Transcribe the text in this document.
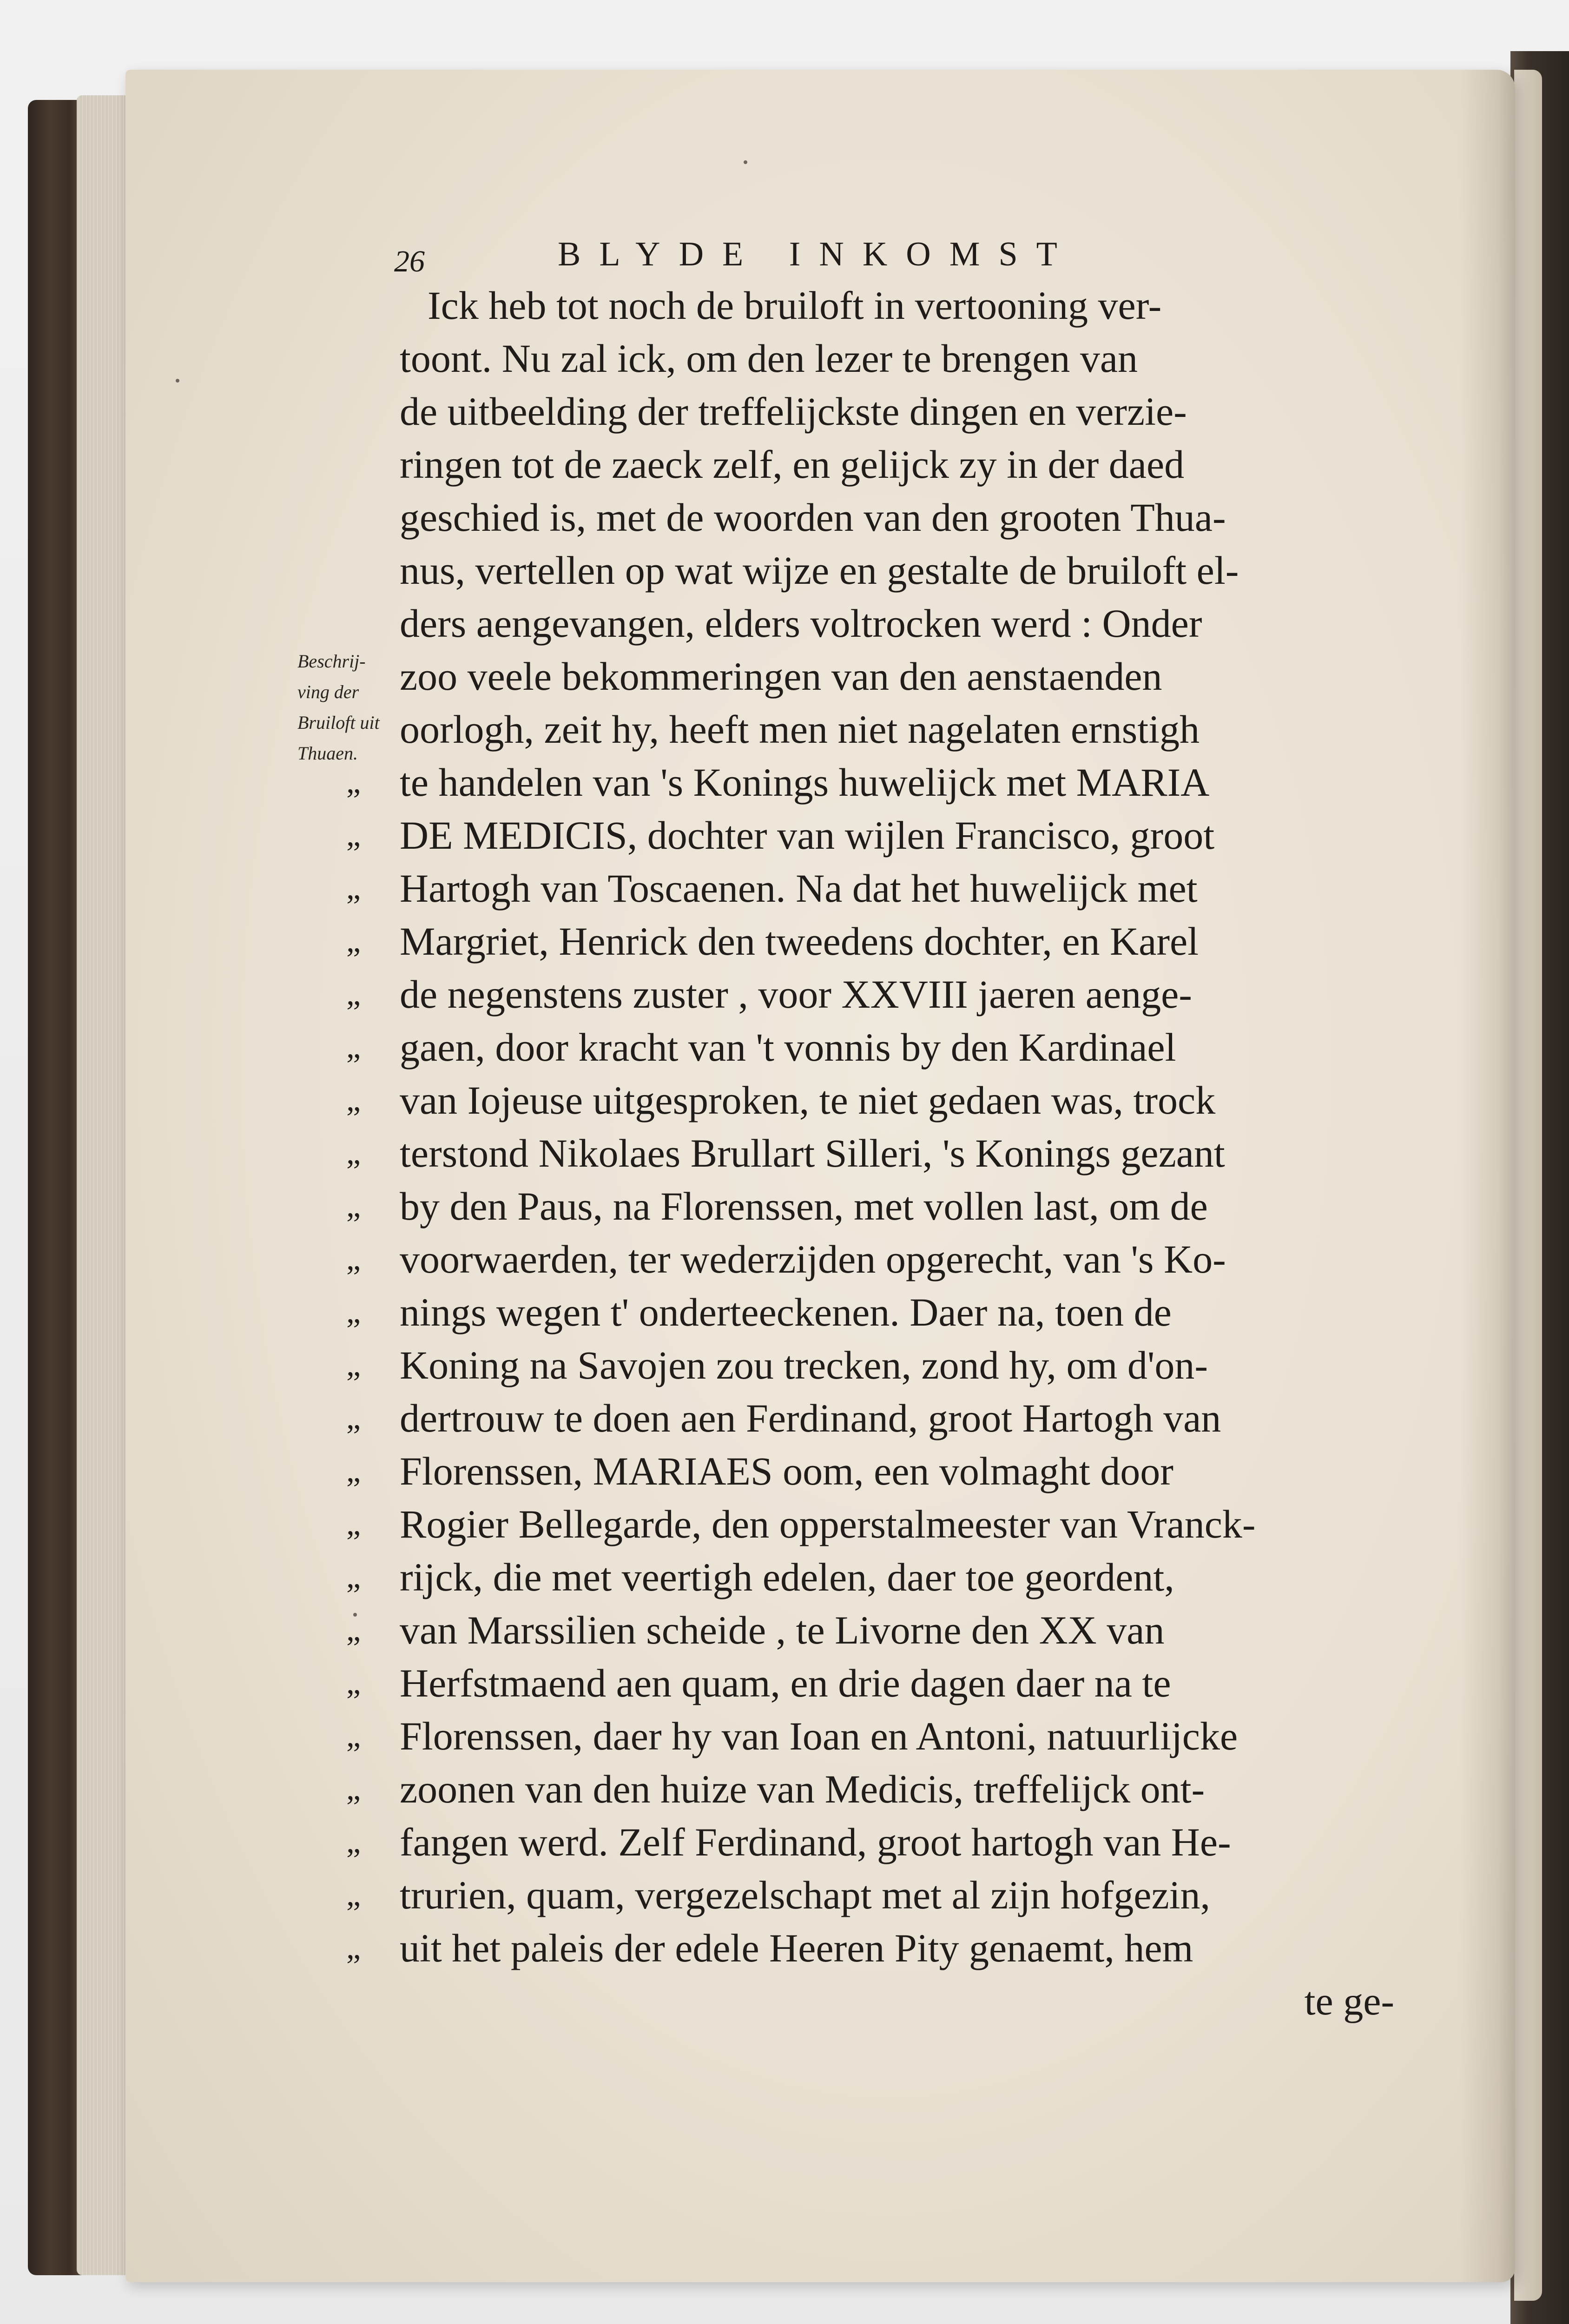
26	BLYDE INKOMST
Beschrij-
ving der
Bruiloft uit
Thuaen.
Ick heb tot noch de bruiloft in vertooning ver-
toont. Nu zal ick, om den lezer te brengen van
de uitbeelding der treffelijckste dingen en verzie-
ringen tot de zaeck zelf, en gelijck zy in der daed
geschied is, met de woorden van den grooten Thua-
nus, vertellen op wat wijze en gestalte de bruiloft el-
ders aengevangen, elders voltrocken werd : Onder
zoo veele bekommeringen van den aenstaenden
oorlogh, zeit hy, heeft men niet nagelaten ernstigh
„ te handelen van 's Konings huwelijck met MARIA
„ DE MEDICIS, dochter van wijlen Francisco, groot
„ Hartogh van Toscaenen. Na dat het huwelijck met
„ Margriet, Henrick den tweedens dochter, en Karel
„ de negenstens zuster , voor XXVIII jaeren aenge-
„ gaen, door kracht van 't vonnis by den Kardinael
„ van Iojeuse uitgesproken, te niet gedaen was, trock
„ terstond Nikolaes Brullart Silleri, 's Konings gezant
„ by den Paus, na Florenssen, met vollen last, om de
„ voorwaerden, ter wederzijden opgerecht, van 's Ko-
„ nings wegen t' onderteeckenen. Daer na, toen de
„ Koning na Savojen zou trecken, zond hy, om d'on-
„ dertrouw te doen aen Ferdinand, groot Hartogh van
„ Florenssen, MARIAES oom, een volmaght door
„ Rogier Bellegarde, den opperstalmeester van Vranck-
„ rijck, die met veertigh edelen, daer toe geordent,
„ van Marssilien scheide , te Livorne den XX van
„ Herfstmaend aen quam, en drie dagen daer na te
„ Florenssen, daer hy van Ioan en Antoni, natuurlijcke
„ zoonen van den huize van Medicis, treffelijck ont-
„ fangen werd. Zelf Ferdinand, groot hartogh van He-
„ trurien, quam, vergezelschapt met al zijn hofgezin,
„ uit het paleis der edele Heeren Pity genaemt, hem
te ge-
